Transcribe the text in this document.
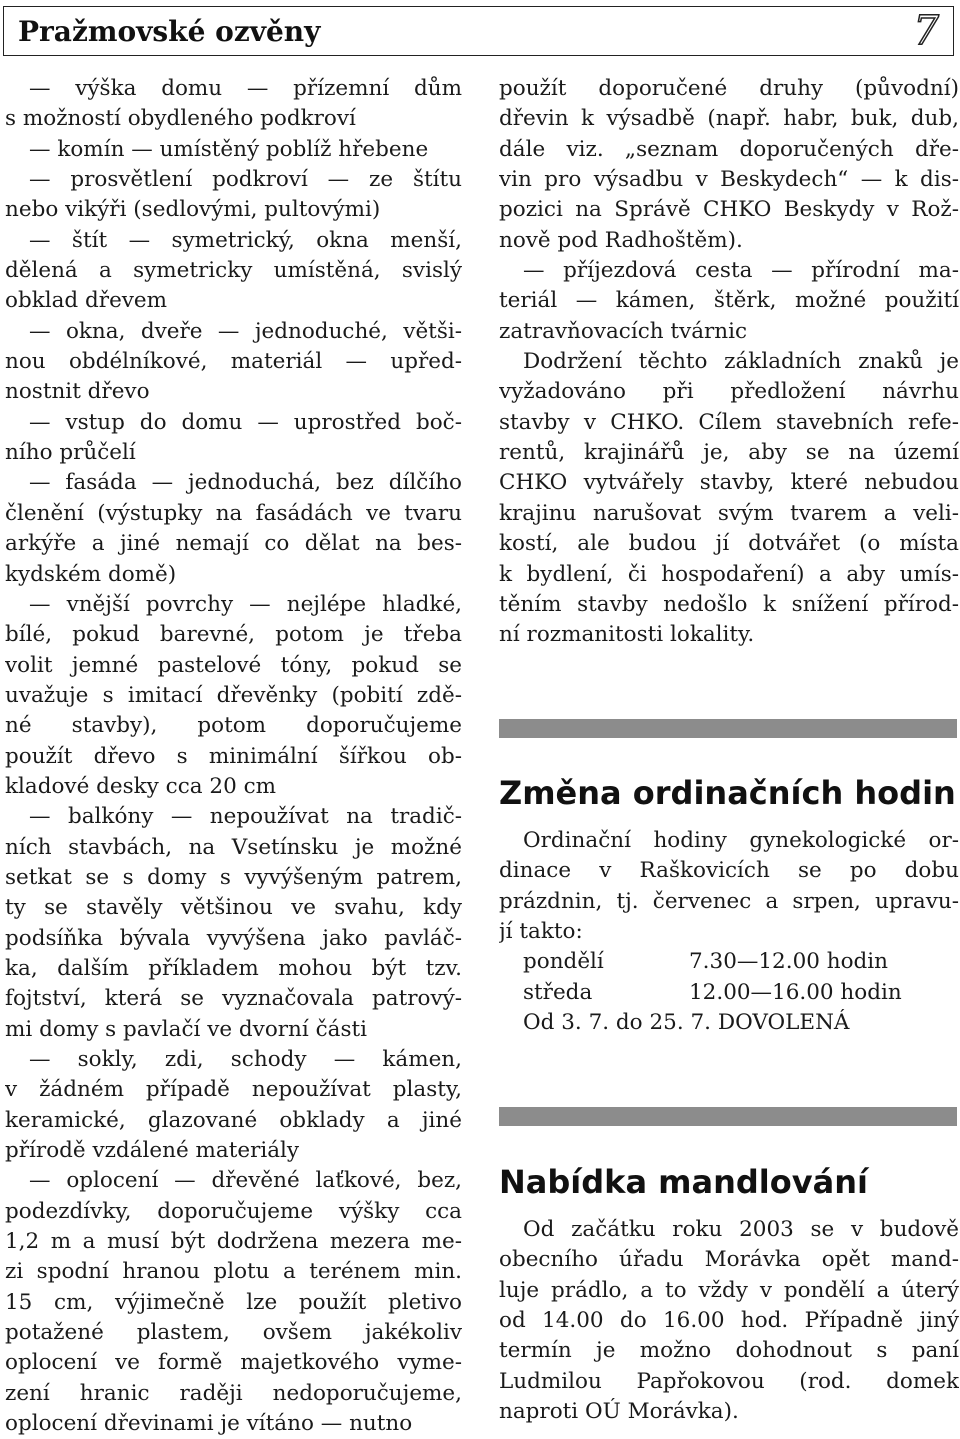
Pražmovské ozvěny	7
— výška domu — přízemní dům
s možností obydleného podkroví
— komín — umístěný poblíž hřebene
— prosvětlení podkroví — ze štítu
nebo vikýři (sedlovými, pultovými)
— štít — symetrický, okna menší,
dělená a symetricky umístěná, svislý
obklad dřevem
— okna, dveře — jednoduché, větši-
nou obdélníkové, materiál — upřed-
nostnit dřevo
— vstup do domu — uprostřed boč-
ního průčelí
— fasáda — jednoduchá, bez dílčího
členění (výstupky na fasádách ve tvaru
arkýře a jiné nemají co dělat na bes-
kydském domě)
— vnější povrchy — nejlépe hladké,
bílé, pokud barevné, potom je třeba
volit jemné pastelové tóny, pokud se
uvažuje s imitací dřevěnky (pobití zdě-
né stavby), potom doporučujeme
použít dřevo s minimální šířkou ob-
kladové desky cca 20 cm
— balkóny — nepoužívat na tradič-
ních stavbách, na Vsetínsku je možné
setkat se s domy s vyvýšeným patrem,
ty se stavěly většinou ve svahu, kdy
podsíňka bývala vyvýšena jako pavláč-
ka, dalším příkladem mohou být tzv.
fojtství, která se vyznačovala patrový-
mi domy s pavlačí ve dvorní části
— sokly, zdi, schody — kámen,
v žádném případě nepoužívat plasty,
keramické, glazované obklady a jiné
přírodě vzdálené materiály
— oplocení — dřevěné laťkové, bez,
podezdívky, doporučujeme výšky cca
1,2 m a musí být dodržena mezera me-
zi spodní hranou plotu a terénem min.
15 cm, výjimečně lze použít pletivo
potažené plastem, ovšem jakékoliv
oplocení ve formě majetkového vyme-
zení hranic raději nedoporučujeme,
oplocení dřevinami je vítáno — nutno
použít doporučené druhy (původní)
dřevin k výsadbě (např. habr, buk, dub,
dále viz. „seznam doporučených dře-
vin pro výsadbu v Beskydech“ — k dis-
pozici na Správě CHKO Beskydy v Rož-
nově pod Radhoštěm).
— příjezdová cesta — přírodní ma-
teriál — kámen, štěrk, možné použití
zatravňovacích tvárnic
Dodržení těchto základních znaků je
vyžadováno při předložení návrhu
stavby v CHKO. Cílem stavebních refe-
rentů, krajinářů je, aby se na území
CHKO vytvářely stavby, které nebudou
krajinu narušovat svým tvarem a veli-
kostí, ale budou jí dotvářet (o místa
k bydlení, či hospodaření) a aby umís-
těním stavby nedošlo k snížení přírod-
ní rozmanitosti lokality.
Změna ordinačních hodin
Ordinační hodiny gynekologické or-
dinace v Raškovicích se po dobu
prázdnin, tj. červenec a srpen, upravu-
jí takto:
pondělí	7.30—12.00 hodin
středa	12.00—16.00 hodin
Od 3. 7. do 25. 7. DOVOLENÁ
Nabídka mandlování
Od začátku roku 2003 se v budově
obecního úřadu Morávka opět mand-
luje prádlo, a to vždy v pondělí a úterý
od 14.00 do 16.00 hod. Případně jiný
termín je možno dohodnout s paní
Ludmilou Papřokovou (rod. domek
naproti OÚ Morávka).
